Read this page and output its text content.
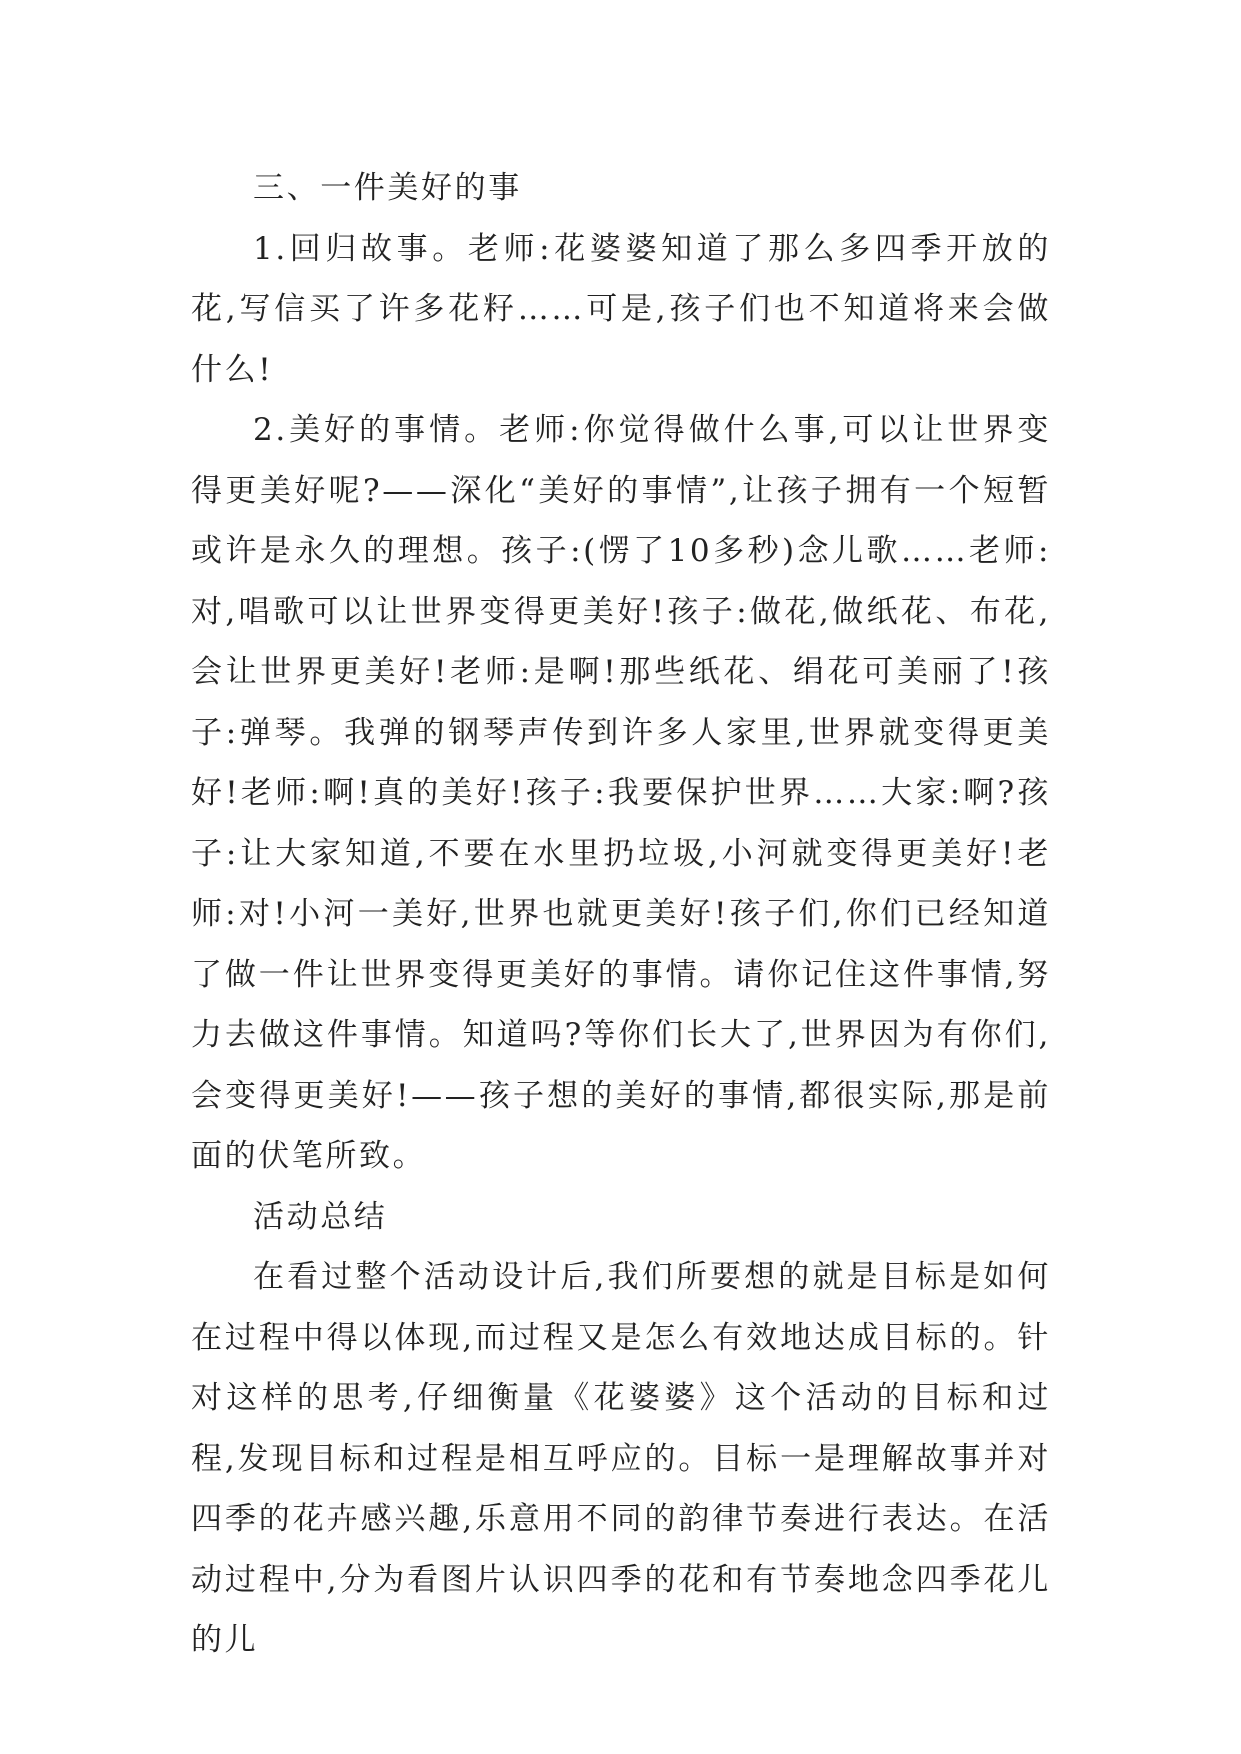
三、一件美好的事

1.回归故事。老师:花婆婆知道了那么多四季开放的花,写信买了许多花籽……可是,孩子们也不知道将来会做什么!

2.美好的事情。老师:你觉得做什么事,可以让世界变得更美好呢?——深化“美好的事情”,让孩子拥有一个短暂或许是永久的理想。孩子:(愣了10多秒)念儿歌……老师:对,唱歌可以让世界变得更美好!孩子:做花,做纸花、布花,会让世界更美好!老师:是啊!那些纸花、绢花可美丽了!孩子:弹琴。我弹的钢琴声传到许多人家里,世界就变得更美好!老师:啊!真的美好!孩子:我要保护世界……大家:啊?孩子:让大家知道,不要在水里扔垃圾,小河就变得更美好!老师:对!小河一美好,世界也就更美好!孩子们,你们已经知道了做一件让世界变得更美好的事情。请你记住这件事情,努力去做这件事情。知道吗?等你们长大了,世界因为有你们,会变得更美好!——孩子想的美好的事情,都很实际,那是前面的伏笔所致。

活动总结

在看过整个活动设计后,我们所要想的就是目标是如何在过程中得以体现,而过程又是怎么有效地达成目标的。针对这样的思考,仔细衡量《花婆婆》这个活动的目标和过程,发现目标和过程是相互呼应的。目标一是理解故事并对四季的花卉感兴趣,乐意用不同的韵律节奏进行表达。在活动过程中,分为看图片认识四季的花和有节奏地念四季花儿的儿
